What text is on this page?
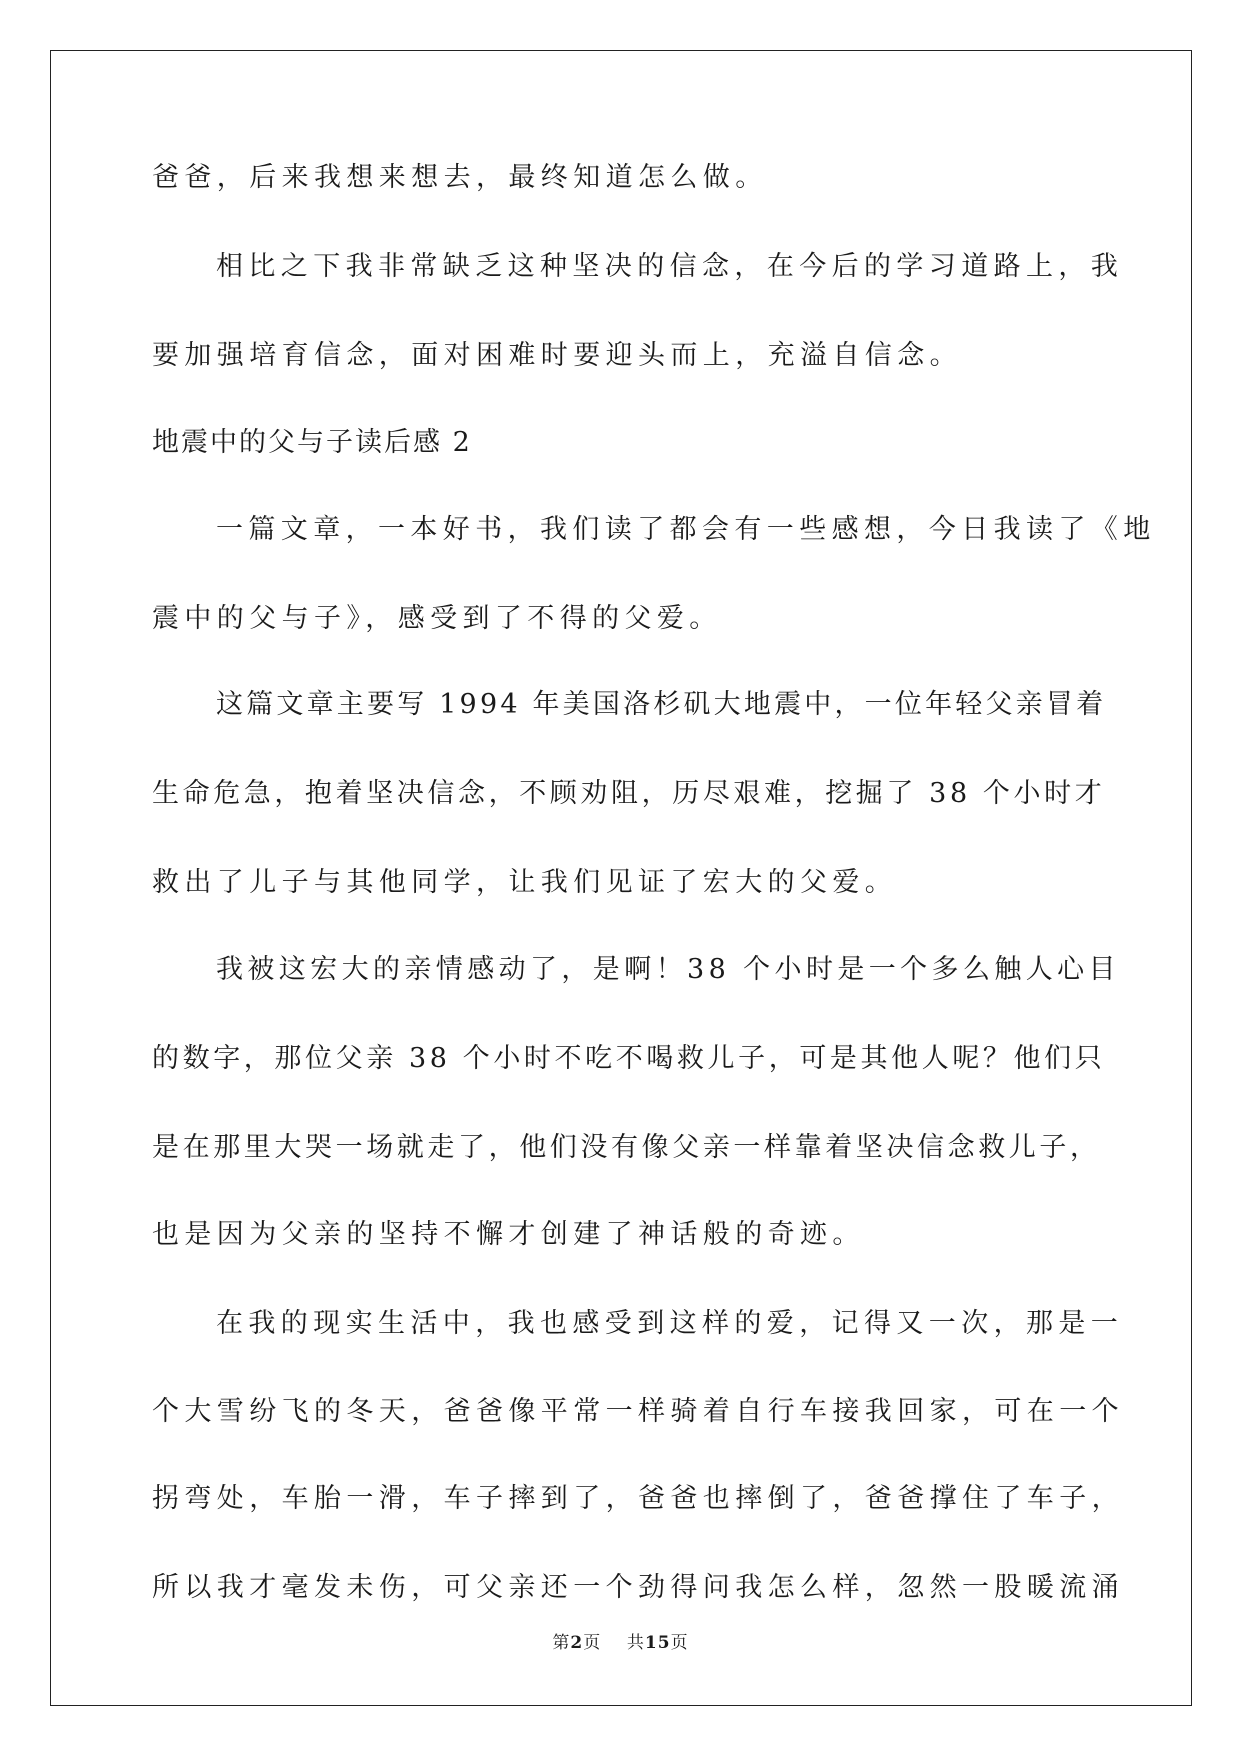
爸爸，后来我想来想去，最终知道怎么做。
相比之下我非常缺乏这种坚决的信念，在今后的学习道路上，我
要加强培育信念，面对困难时要迎头而上，充溢自信念。
地震中的父与子读后感 2
一篇文章，一本好书，我们读了都会有一些感想，今日我读了《地
震中的父与子》，感受到了不得的父爱。
这篇文章主要写 1994 年美国洛杉矶大地震中，一位年轻父亲冒着
生命危急，抱着坚决信念，不顾劝阻，历尽艰难，挖掘了 38 个小时才
救出了儿子与其他同学，让我们见证了宏大的父爱。
我被这宏大的亲情感动了，是啊！38 个小时是一个多么触人心目
的数字，那位父亲 38 个小时不吃不喝救儿子，可是其他人呢？他们只
是在那里大哭一场就走了，他们没有像父亲一样靠着坚决信念救儿子，
也是因为父亲的坚持不懈才创建了神话般的奇迹。
在我的现实生活中，我也感受到这样的爱，记得又一次，那是一
个大雪纷飞的冬天，爸爸像平常一样骑着自行车接我回家，可在一个
拐弯处，车胎一滑，车子摔到了，爸爸也摔倒了，爸爸撑住了车子，
所以我才毫发未伤，可父亲还一个劲得问我怎么样，忽然一股暖流涌
第2页 共15页
